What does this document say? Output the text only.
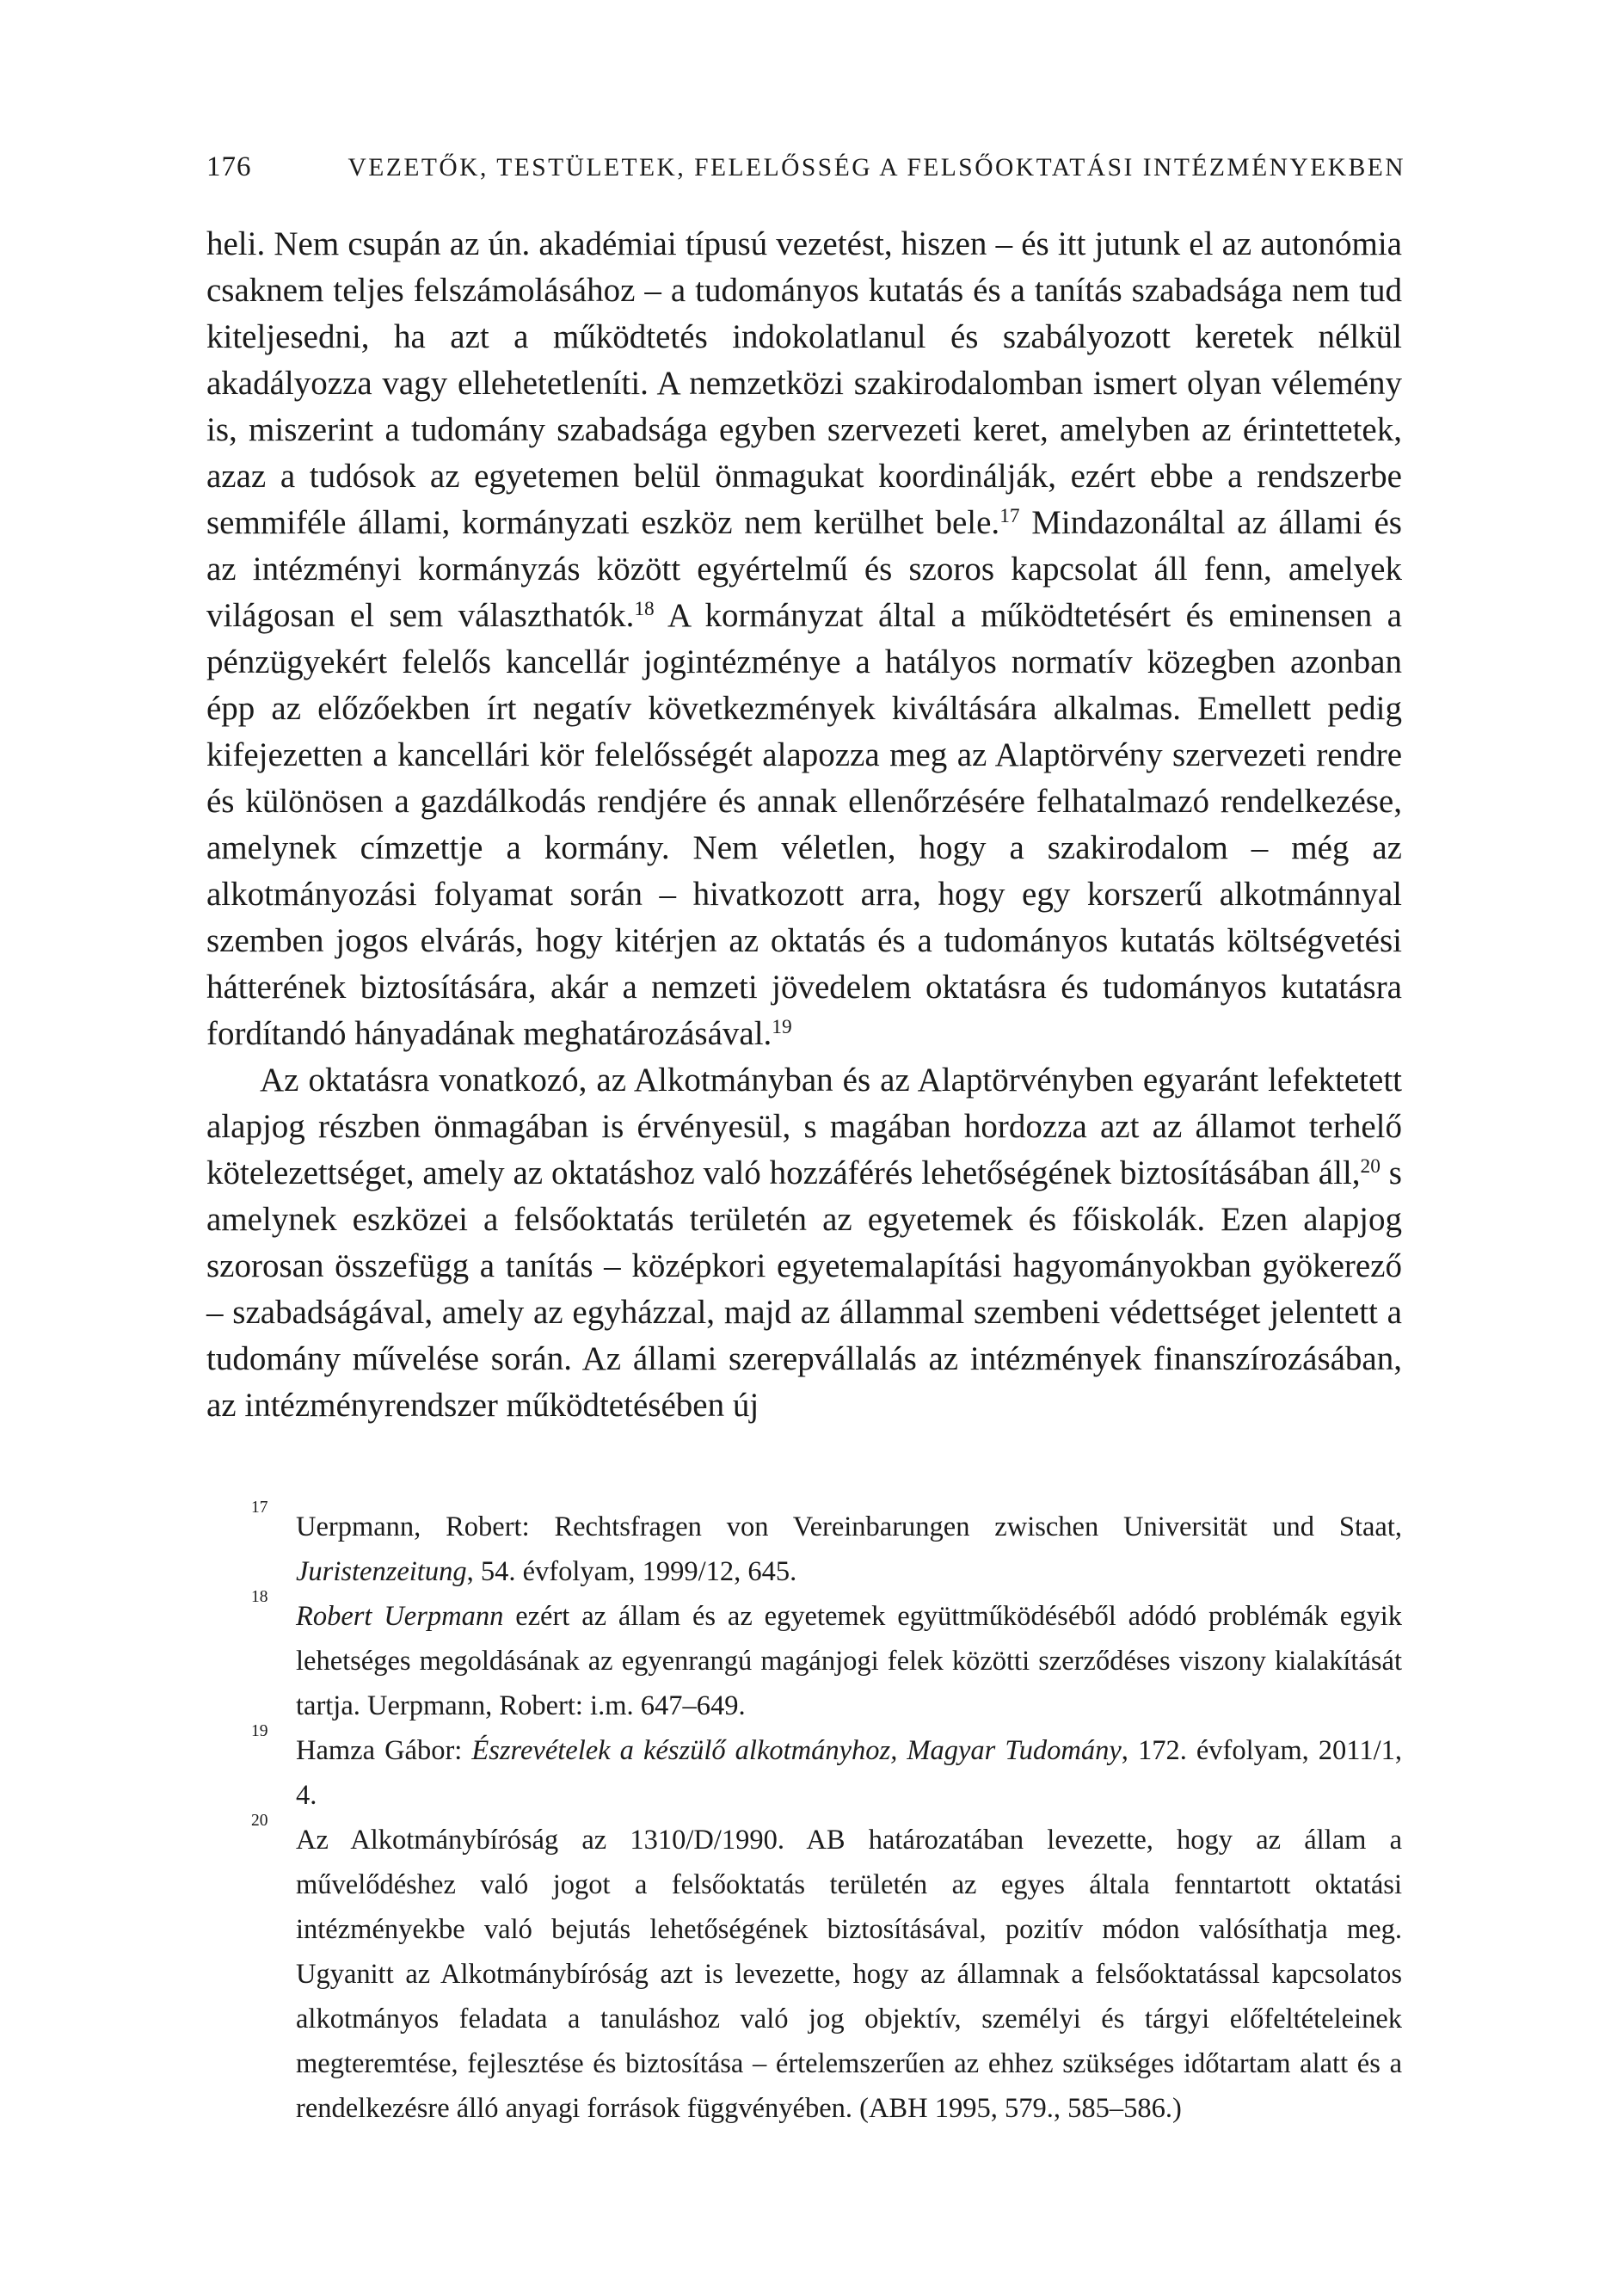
176	VEZETŐK, TESTÜLETEK, FELELŐSSÉG A FELSŐOKTATÁSI INTÉZMÉNYEKBEN

heli. Nem csupán az ún. akadémiai típusú vezetést, hiszen – és itt jutunk el az autonómia csaknem teljes felszámolásához – a tudományos kutatás és a tanítás szabadsága nem tud kiteljesedni, ha azt a működtetés indokolatlanul és szabályozott keretek nélkül akadályozza vagy ellehetetleníti. A nemzetközi szakirodalomban ismert olyan vélemény is, miszerint a tudomány szabadsága egyben szervezeti keret, amelyben az érintettetek, azaz a tudósok az egyetemen belül önmagukat koordinálják, ezért ebbe a rendszerbe semmiféle állami, kormányzati eszköz nem kerülhet bele.$^{17}$ Mindazonáltal az állami és az intézményi kormányzás között egyértelmű és szoros kapcsolat áll fenn, amelyek világosan el sem választhatók.$^{18}$ A kormányzat által a működtetésért és eminensen a pénzügyekért felelős kancellár jogintézménye a hatályos normatív közegben azonban épp az előzőekben írt negatív következmények kiváltására alkalmas. Emellett pedig kifejezetten a kancellári kör felelősségét alapozza meg az Alaptörvény szervezeti rendre és különösen a gazdálkodás rendjére és annak ellenőrzésére felhatalmazó rendelkezése, amelynek címzettje a kormány. Nem véletlen, hogy a szakirodalom – még az alkotmányozási folyamat során – hivatkozott arra, hogy egy korszerű alkotmánnyal szemben jogos elvárás, hogy kitérjen az oktatás és a tudományos kutatás költségvetési hátterének biztosítására, akár a nemzeti jövedelem oktatásra és tudományos kutatásra fordítandó hányadának meghatározásával.$^{19}$

Az oktatásra vonatkozó, az Alkotmányban és az Alaptörvényben egyaránt lefektetett alapjog részben önmagában is érvényesül, s magában hordozza azt az államot terhelő kötelezettséget, amely az oktatáshoz való hozzáférés lehetőségének biztosításában áll,$^{20}$ s amelynek eszközei a felsőoktatás területén az egyetemek és főiskolák. Ezen alapjog szorosan összefügg a tanítás – középkori egyetemalapítási hagyományokban gyökerező – szabadságával, amely az egyházzal, majd az állammal szembeni védettséget jelentett a tudomány művelése során. Az állami szerepvállalás az intézmények finanszírozásában, az intézményrendszer működtetésében új

17
Uerpmann, Robert: Rechtsfragen von Vereinbarungen zwischen Universität und Staat, Juristenzeitung, 54. évfolyam, 1999/12, 645.

18
Robert Uerpmann ezért az állam és az egyetemek együttműködéséből adódó problémák egyik lehetséges megoldásának az egyenrangú magánjogi felek közötti szerződéses viszony kialakítását tartja. Uerpmann, Robert: i.m. 647–649.

19
Hamza Gábor: Észrevételek a készülő alkotmányhoz, Magyar Tudomány, 172. évfolyam, 2011/1, 4.

20
Az Alkotmánybíróság az 1310/D/1990. AB határozatában levezette, hogy az állam a művelődéshez való jogot a felsőoktatás területén az egyes általa fenntartott oktatási intézményekbe való bejutás lehetőségének biztosításával, pozitív módon valósíthatja meg. Ugyanitt az Alkotmánybíróság azt is levezette, hogy az államnak a felsőoktatással kapcsolatos alkotmányos feladata a tanuláshoz való jog objektív, személyi és tárgyi előfeltételeinek megteremtése, fejlesztése és biztosítása – értelemszerűen az ehhez szükséges időtartam alatt és a rendelkezésre álló anyagi források függvényében. (ABH 1995, 579., 585–586.)
